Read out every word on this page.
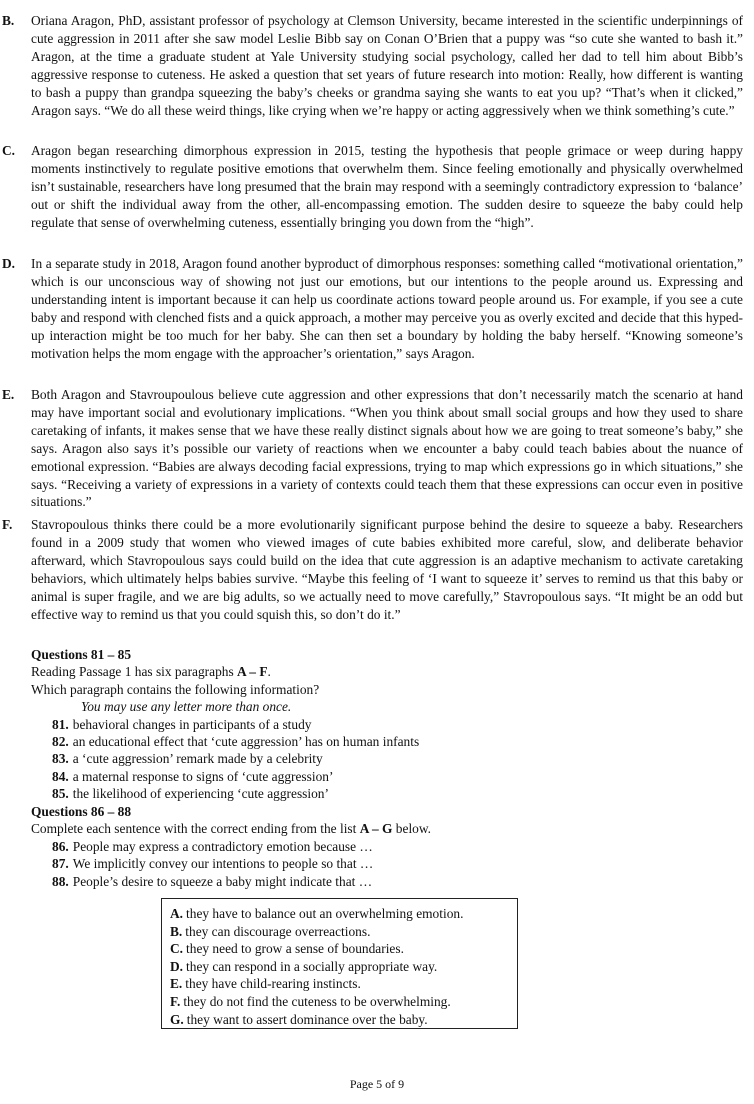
B. Oriana Aragon, PhD, assistant professor of psychology at Clemson University, became interested in the scientific underpinnings of cute aggression in 2011 after she saw model Leslie Bibb say on Conan O’Brien that a puppy was “so cute she wanted to bash it.” Aragon, at the time a graduate student at Yale University studying social psychology, called her dad to tell him about Bibb’s aggressive response to cuteness. He asked a question that set years of future research into motion: Really, how different is wanting to bash a puppy than grandpa squeezing the baby’s cheeks or grandma saying she wants to eat you up? “That’s when it clicked,” Aragon says. “We do all these weird things, like crying when we’re happy or acting aggressively when we think something’s cute.”
C. Aragon began researching dimorphous expression in 2015, testing the hypothesis that people grimace or weep during happy moments instinctively to regulate positive emotions that overwhelm them. Since feeling emotionally and physically overwhelmed isn’t sustainable, researchers have long presumed that the brain may respond with a seemingly contradictory expression to ‘balance’ out or shift the individual away from the other, all-encompassing emotion. The sudden desire to squeeze the baby could help regulate that sense of overwhelming cuteness, essentially bringing you down from the “high”.
D. In a separate study in 2018, Aragon found another byproduct of dimorphous responses: something called “motivational orientation,” which is our unconscious way of showing not just our emotions, but our intentions to the people around us. Expressing and understanding intent is important because it can help us coordinate actions toward people around us. For example, if you see a cute baby and respond with clenched fists and a quick approach, a mother may perceive you as overly excited and decide that this hyped-up interaction might be too much for her baby. She can then set a boundary by holding the baby herself. “Knowing someone’s motivation helps the mom engage with the approacher’s orientation,” says Aragon.
E. Both Aragon and Stavroupoulous believe cute aggression and other expressions that don’t necessarily match the scenario at hand may have important social and evolutionary implications. “When you think about small social groups and how they used to share caretaking of infants, it makes sense that we have these really distinct signals about how we are going to treat someone’s baby,” she says. Aragon also says it’s possible our variety of reactions when we encounter a baby could teach babies about the nuance of emotional expression. “Babies are always decoding facial expressions, trying to map which expressions go in which situations,” she says. “Receiving a variety of expressions in a variety of contexts could teach them that these expressions can occur even in positive situations.”
F. Stavropoulous thinks there could be a more evolutionarily significant purpose behind the desire to squeeze a baby. Researchers found in a 2009 study that women who viewed images of cute babies exhibited more careful, slow, and deliberate behavior afterward, which Stavropoulous says could build on the idea that cute aggression is an adaptive mechanism to activate caretaking behaviors, which ultimately helps babies survive. “Maybe this feeling of ‘I want to squeeze it’ serves to remind us that this baby or animal is super fragile, and we are big adults, so we actually need to move carefully,” Stavropoulous says. “It might be an odd but effective way to remind us that you could squish this, so don’t do it.”
Questions 81 – 85
Reading Passage 1 has six paragraphs A – F.
Which paragraph contains the following information?
You may use any letter more than once.
81. behavioral changes in participants of a study
82. an educational effect that ‘cute aggression’ has on human infants
83. a ‘cute aggression’ remark made by a celebrity
84. a maternal response to signs of ‘cute aggression’
85. the likelihood of experiencing ‘cute aggression’
Questions 86 – 88
Complete each sentence with the correct ending from the list A – G below.
86. People may express a contradictory emotion because …
87. We implicitly convey our intentions to people so that …
88. People’s desire to squeeze a baby might indicate that …
A. they have to balance out an overwhelming emotion.
B. they can discourage overreactions.
C. they need to grow a sense of boundaries.
D. they can respond in a socially appropriate way.
E. they have child-rearing instincts.
F. they do not find the cuteness to be overwhelming.
G. they want to assert dominance over the baby.
Page 5 of 9
